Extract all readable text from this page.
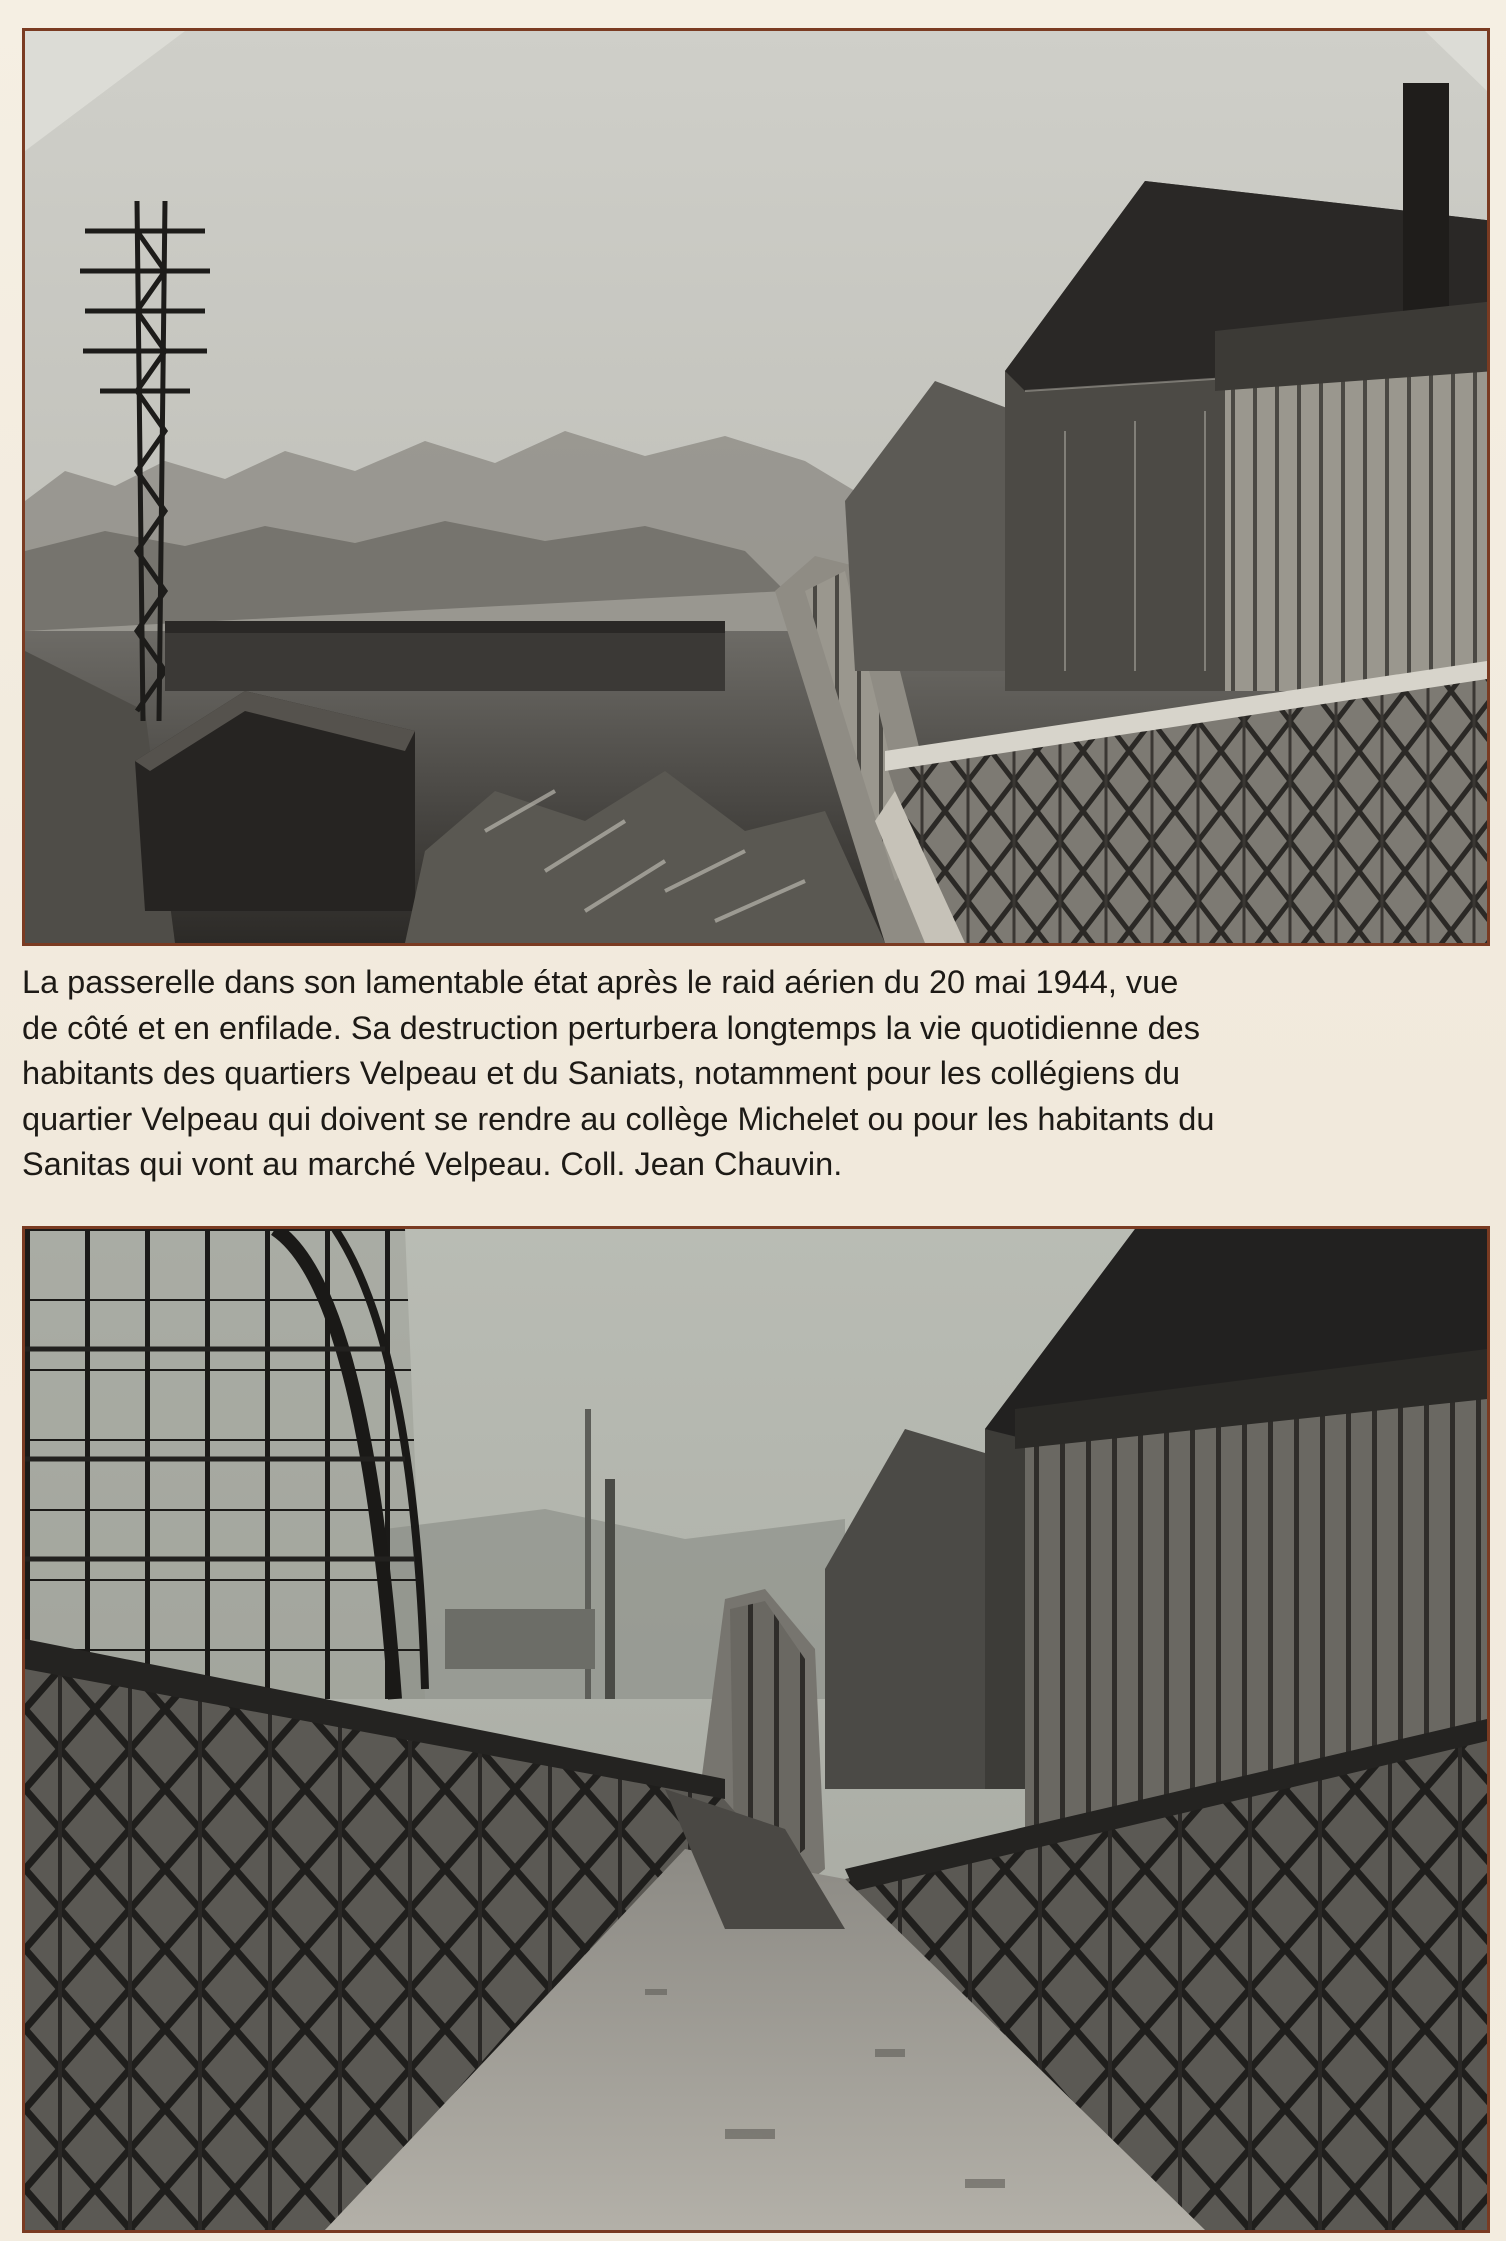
La passerelle dans son lamentable état après le raid aérien du 20 mai 1944, vue
de côté et en enfilade. Sa destruction perturbera longtemps la vie quotidienne des
habitants des quartiers Velpeau et du Saniats, notamment pour les collégiens du
quartier Velpeau qui doivent se rendre au collège Michelet ou pour les habitants du
Sanitas qui vont au marché Velpeau. Coll. Jean Chauvin.
